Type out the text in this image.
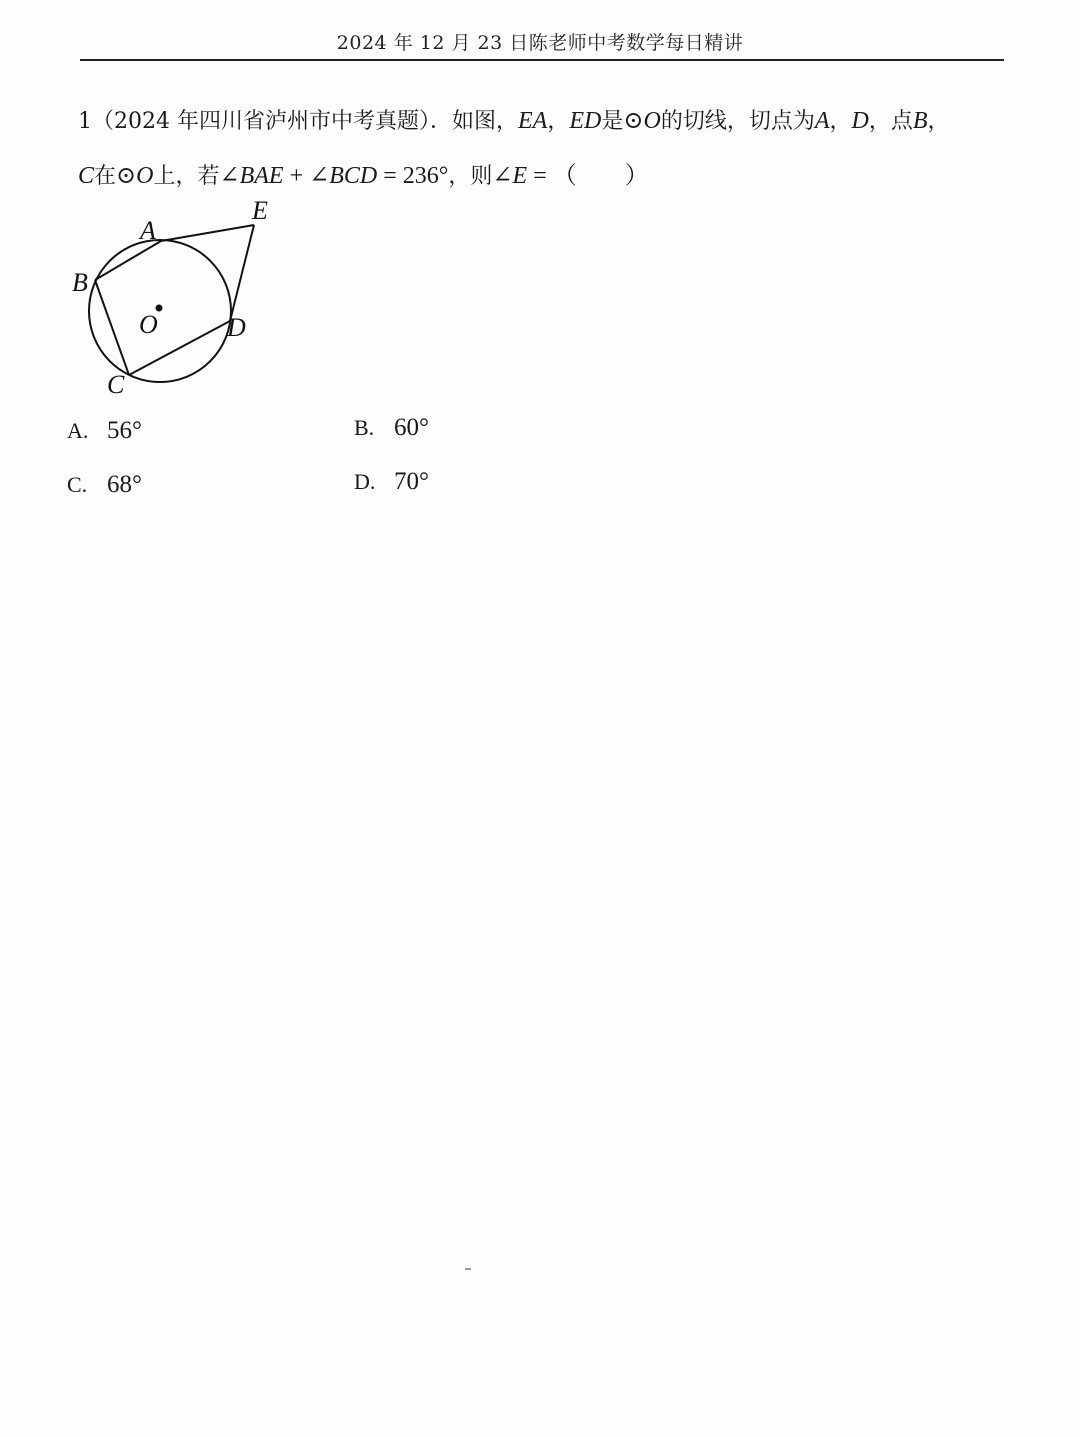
2024 年 12 月 23 日陈老师中考数学每日精讲
1（2024 年四川省泸州市中考真题）．如图，EA，ED是⊙O的切线，切点为A，D，点B，
C在⊙O上，若∠BAE + ∠BCD = 236°，则∠E = （　　）
A
B
C
D
E
O
A. 56°	B. 60°
C. 68°	D. 70°
